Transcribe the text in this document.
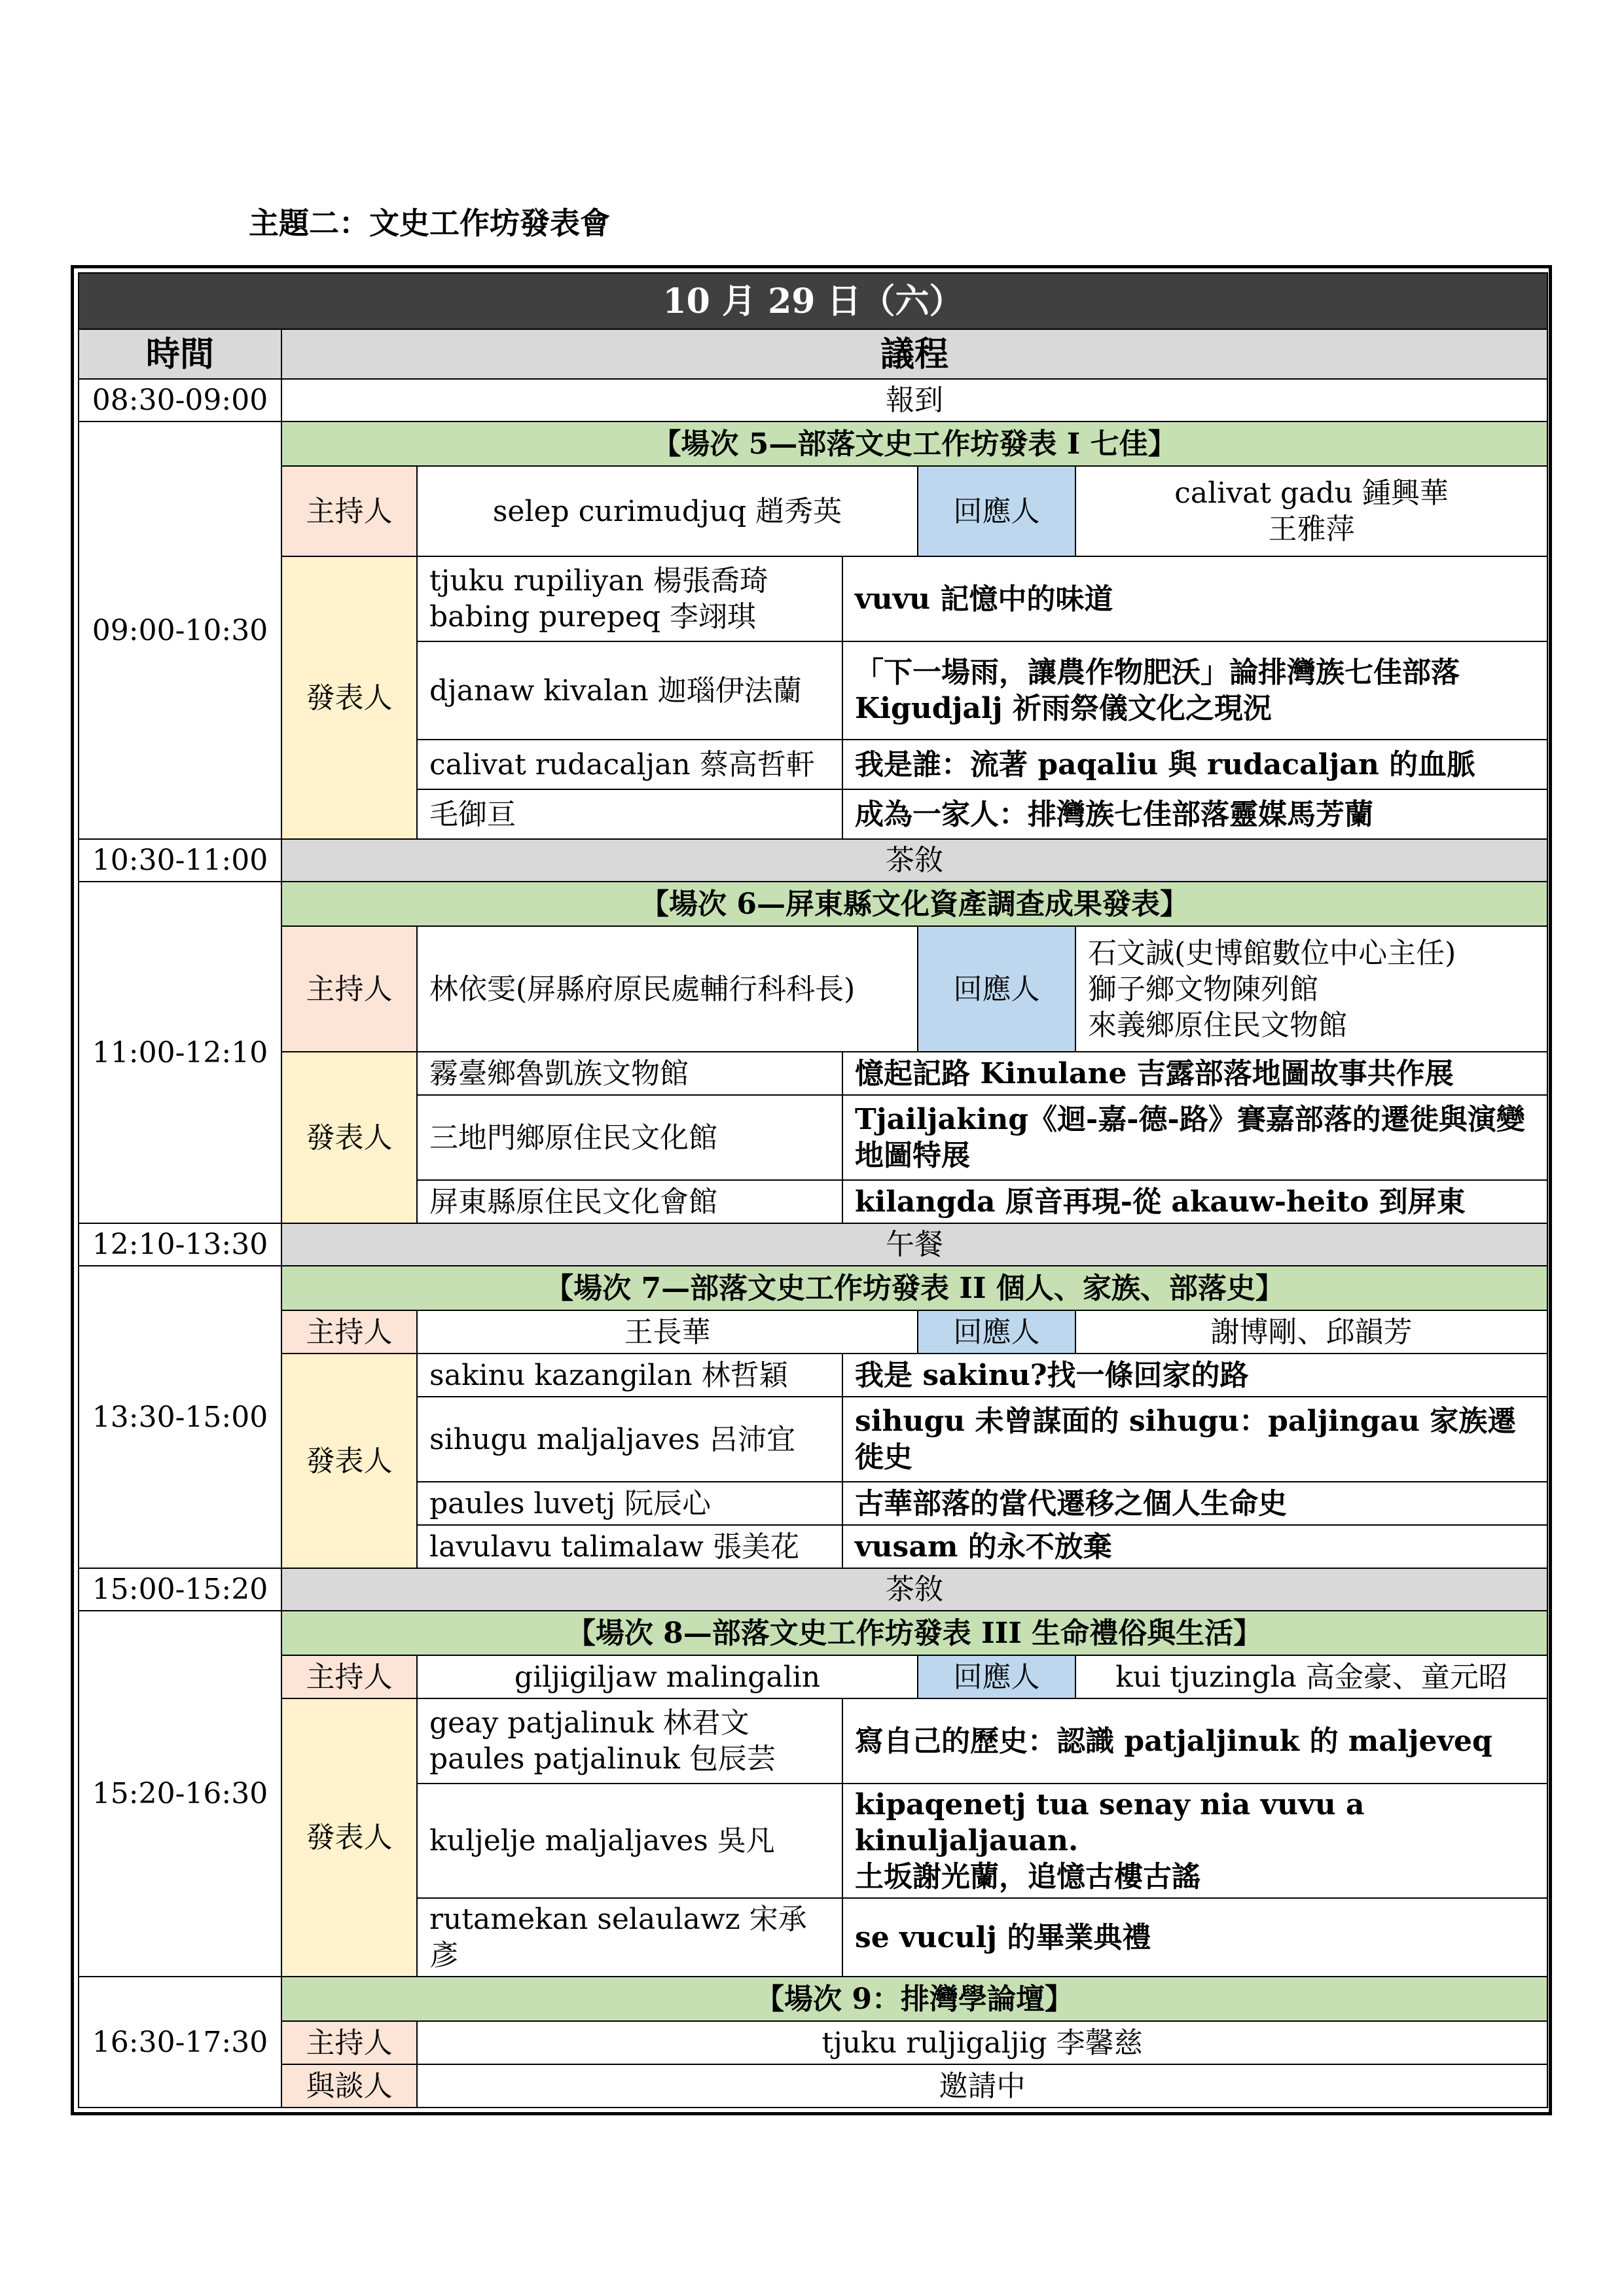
主題二：文史工作坊發表會
10 月 29 日（六）					
時間	議程				
08:30-09:00	報到				
09:00-10:30	【場次 5—部落文史工作坊發表 I 七佳】				
	主持人	selep curimudjuq 趙秀英		回應人	calivat gadu 鍾興華
王雅萍

	發表人	tjuku rupiliyan 楊張喬琦
babing purepeq 李翊琪	vuvu 記憶中的味道		
		djanaw kivalan 迦瑙伊法蘭	「下一場雨，讓農作物肥沃」論排灣族七佳部落
Kigudjalj 祈雨祭儀文化之現況		

		calivat rudacaljan 蔡高哲軒	我是誰：流著 paqaliu 與 rudacaljan 的血脈		
		毛御亘	成為一家人：排灣族七佳部落靈媒馬芳蘭		
10:30-11:00	茶敘				
11:00-12:10	【場次 6—屏東縣文化資產調查成果發表】				
	主持人	林依雯(屏縣府原民處輔行科科長)		回應人	石文誠(史博館數位中心主任)
獅子鄉文物陳列館
來義鄉原住民文物館

	發表人	霧臺鄉魯凱族文物館	憶起記路 Kinulane 吉露部落地圖故事共作展		
		三地門鄉原住民文化館	Tjailjaking《迴-嘉-德-路》賽嘉部落的遷徙與演變地圖特展		
		屏東縣原住民文化會館	kilangda 原音再現-從 akauw-heito 到屏東		
12:10-13:30	午餐				
13:30-15:00	【場次 7—部落文史工作坊發表 II 個人、家族、部落史】				
	主持人	王長華		回應人	謝博剛、邱韻芳
	發表人	sakinu kazangilan 林哲穎	我是 sakinu?找一條回家的路		
		sihugu maljaljaves 呂沛宜	sihugu 未曾謀面的 sihugu：paljingau 家族遷徙史		
		paules luvetj 阮辰心	古華部落的當代遷移之個人生命史		
		lavulavu talimalaw 張美花	vusam 的永不放棄		
15:00-15:20	茶敘				
15:20-16:30	【場次 8—部落文史工作坊發表 III 生命禮俗與生活】				
	主持人	giljigiljaw malingalin		回應人	kui tjuzingla 高金豪、童元昭
	發表人	geay patjalinuk 林君文
paules patjalinuk 包辰芸	寫自己的歷史：認識 patjaljinuk 的 maljeveq		
		kuljelje maljaljaves 吳凡	kipaqenetj tua senay nia vuvu a kinuljaljauan.
土坂謝光蘭，追憶古樓古謠		

		rutamekan selaulawz 宋承彥	se vuculj 的畢業典禮		
16:30-17:30	【場次 9：排灣學論壇】				
	主持人	tjuku ruljigaljig 李馨慈			
	與談人	邀請中			
